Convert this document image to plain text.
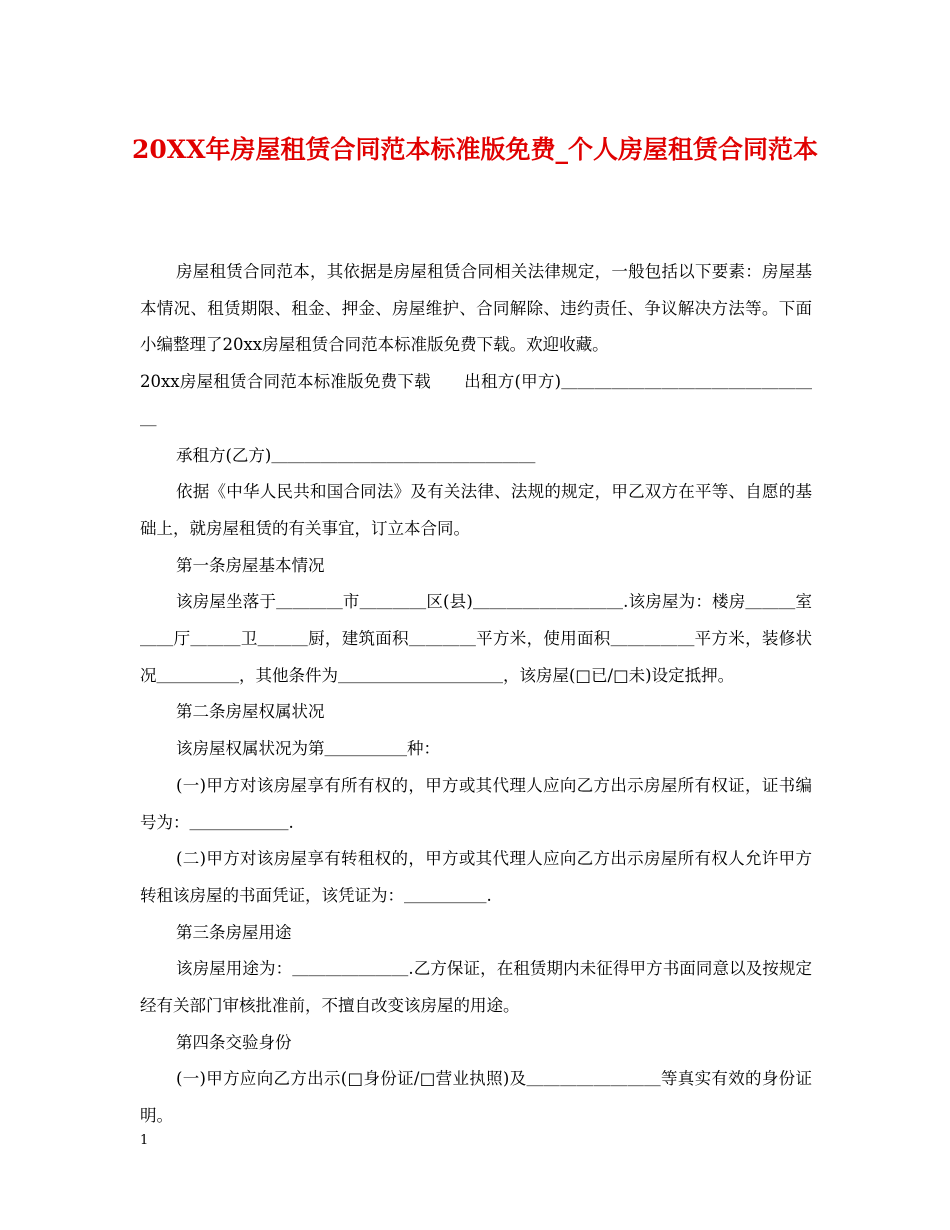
20XX年房屋租赁合同范本标准版免费_个人房屋租赁合同范本

房屋租赁合同范本，其依据是房屋租赁合同相关法律规定，一般包括以下要素：房屋基本情况、租赁期限、租金、押金、房屋维护、合同解除、违约责任、争议解决方法等。下面小编整理了20xx房屋租赁合同范本标准版免费下载。欢迎收藏。

20xx房屋租赁合同范本标准版免费下载　　出租方(甲方)＿＿＿＿＿＿＿＿＿＿＿＿＿＿＿＿

承租方(乙方)＿＿＿＿＿＿＿＿＿＿＿＿＿＿＿＿

依据《中华人民共和国合同法》及有关法律、法规的规定，甲乙双方在平等、自愿的基础上，就房屋租赁的有关事宜，订立本合同。

第一条房屋基本情况

该房屋坐落于＿＿＿＿市＿＿＿＿区(县)＿＿＿＿＿＿＿＿＿.该房屋为：楼房＿＿＿室＿＿厅＿＿＿卫＿＿＿厨，建筑面积＿＿＿＿平方米，使用面积＿＿＿＿＿平方米，装修状况＿＿＿＿＿，其他条件为＿＿＿＿＿＿＿＿＿＿，该房屋(□已/□未)设定抵押。

第二条房屋权属状况

该房屋权属状况为第＿＿＿＿＿种：

(一)甲方对该房屋享有所有权的，甲方或其代理人应向乙方出示房屋所有权证，证书编号为：＿＿＿＿＿＿.

(二)甲方对该房屋享有转租权的，甲方或其代理人应向乙方出示房屋所有权人允许甲方转租该房屋的书面凭证，该凭证为：＿＿＿＿＿.

第三条房屋用途

该房屋用途为：＿＿＿＿＿＿＿.乙方保证，在租赁期内未征得甲方书面同意以及按规定经有关部门审核批准前，不擅自改变该房屋的用途。

第四条交验身份

(一)甲方应向乙方出示(□身份证/□营业执照)及＿＿＿＿＿＿＿＿等真实有效的身份证明。

1
